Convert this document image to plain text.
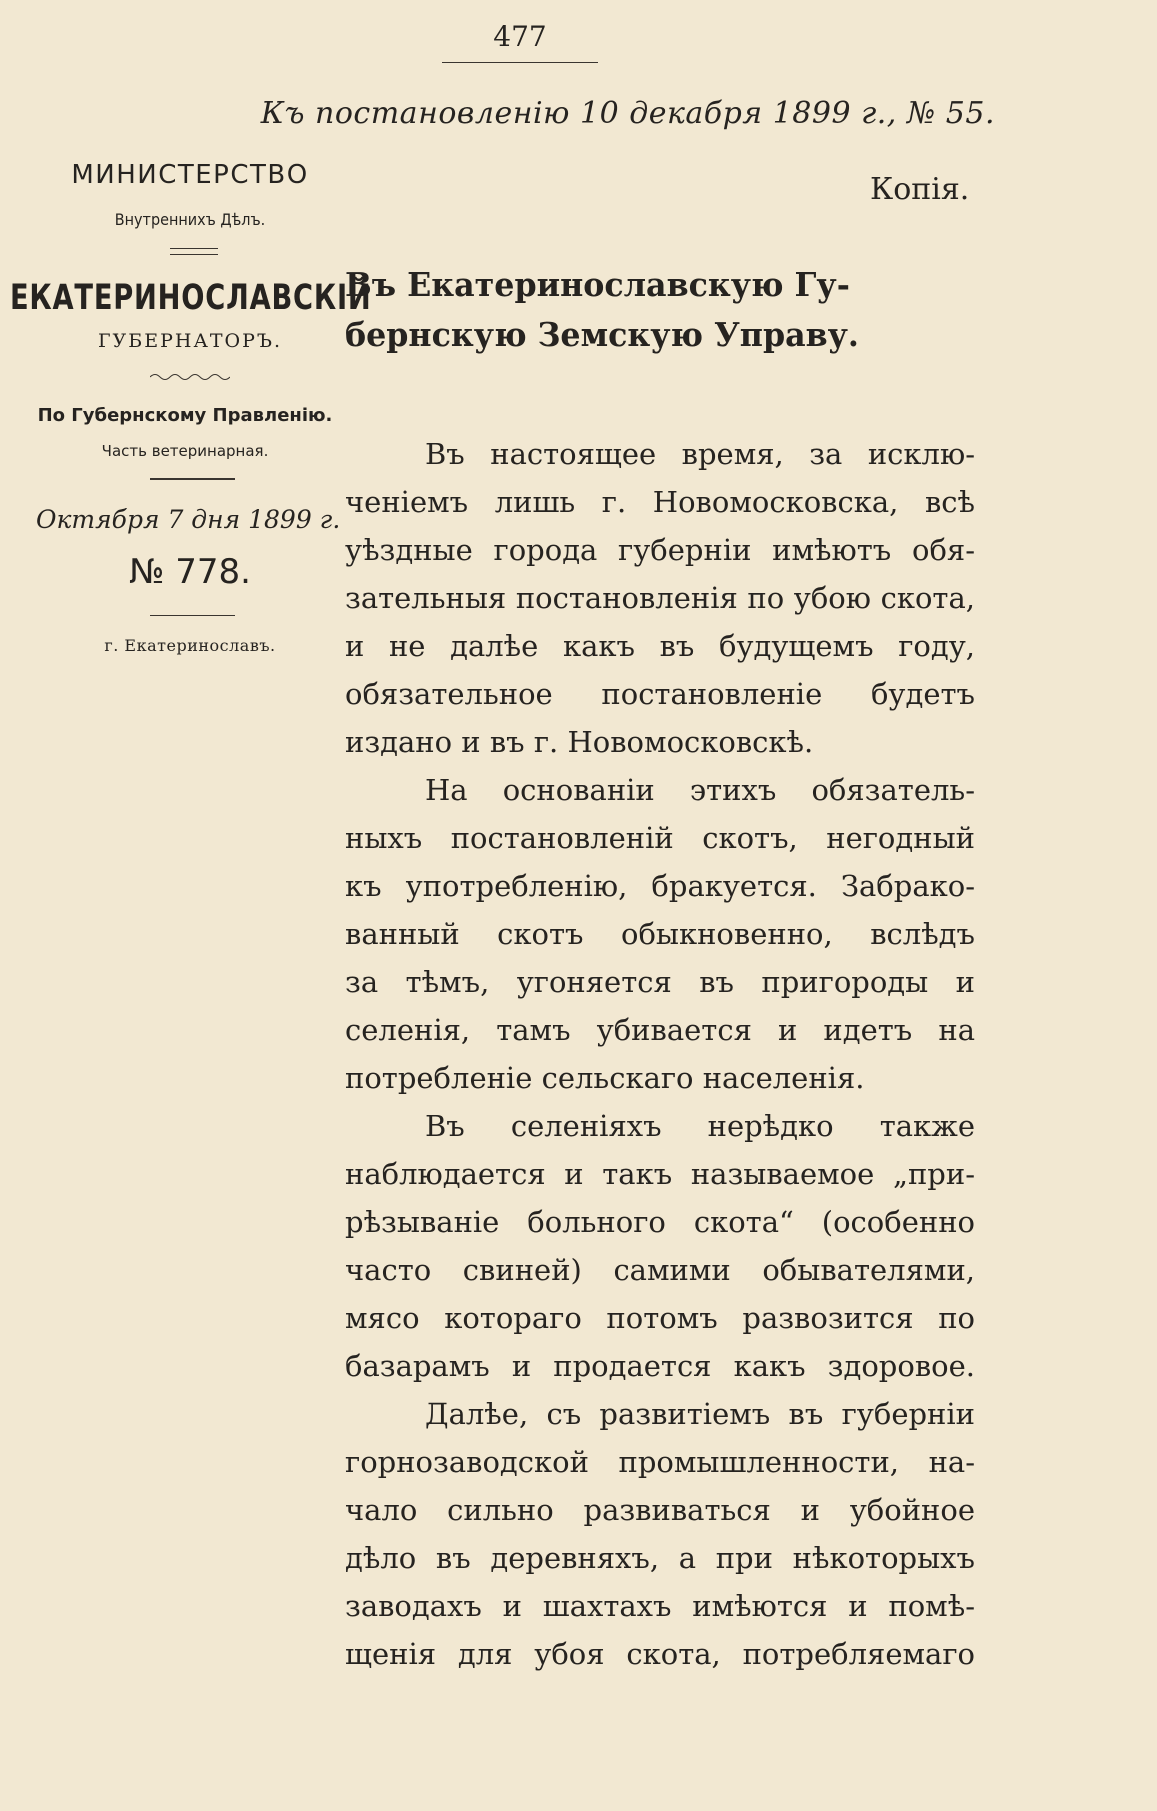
477
Къ постановленію 10 декабря 1899 г., № 55.
МИНИСТЕРСТВО
Внутреннихъ Дѣлъ.
ЕКАТЕРИНОСЛАВСКІЙ
ГУБЕРНАТОРЪ.
По Губернскому Правленію.
Часть ветеринарная.
Октября 7 дня 1899 г.
№ 778.
г. Екатеринославъ.
Копія.
Въ Екатеринославскую Гу-
бернскую Земскую Управу.
Въ настоящее время, за исклю-
ченіемъ лишь г. Новомосковска, всѣ
уѣздные города губерніи имѣютъ обя-
зательныя постановленія по убою скота,
и не далѣе какъ въ будущемъ году,
обязательное постановленіе будетъ
издано и въ г. Новомосковскѣ.
На основаніи этихъ обязатель-
ныхъ постановленій скотъ, негодный
къ употребленію, бракуется. Забрако-
ванный скотъ обыкновенно, вслѣдъ
за тѣмъ, угоняется въ пригороды и
селенія, тамъ убивается и идетъ на
потребленіе сельскаго населенія.
Въ селеніяхъ нерѣдко также
наблюдается и такъ называемое „при-
рѣзываніе больного скота“ (особенно
часто свиней) самими обывателями,
мясо котораго потомъ развозится по
базарамъ и продается какъ здоровое.
Далѣе, съ развитіемъ въ губерніи
горнозаводской промышленности, на-
чало сильно развиваться и убойное
дѣло въ деревняхъ, а при нѣкоторыхъ
заводахъ и шахтахъ имѣются и помѣ-
щенія для убоя скота, потребляемаго
